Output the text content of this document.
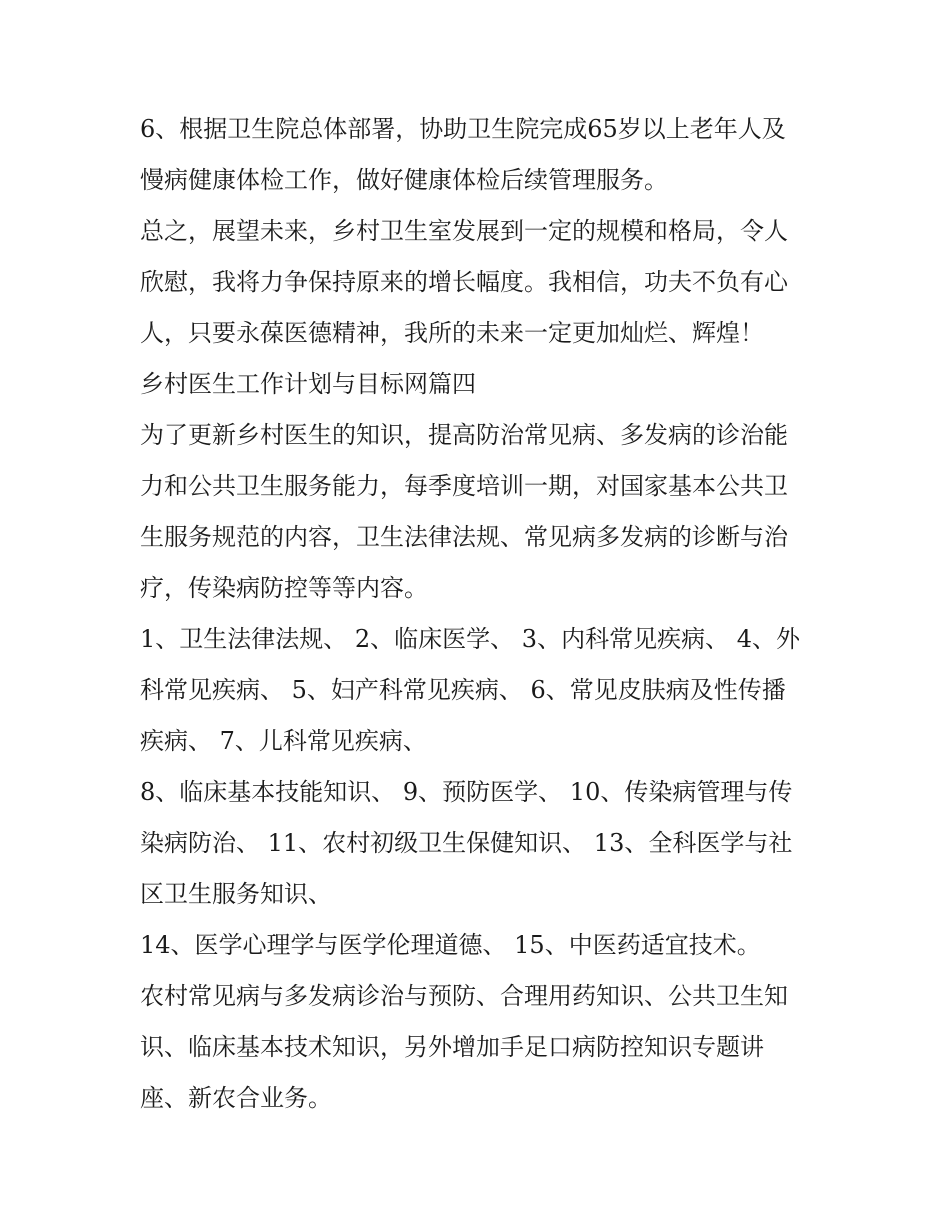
6、根据卫生院总体部署，协助卫生院完成65岁以上老年人及
慢病健康体检工作，做好健康体检后续管理服务。

总之，展望未来，乡村卫生室发展到一定的规模和格局，令人
欣慰，我将力争保持原来的增长幅度。我相信，功夫不负有心
人，只要永葆医德精神，我所的未来一定更加灿烂、辉煌！

乡村医生工作计划与目标网篇四

为了更新乡村医生的知识，提高防治常见病、多发病的诊治能
力和公共卫生服务能力，每季度培训一期，对国家基本公共卫
生服务规范的内容，卫生法律法规、常见病多发病的诊断与治
疗，传染病防控等等内容。

1、卫生法律法规、 2、临床医学、 3、内科常见疾病、 4、外
科常见疾病、 5、妇产科常见疾病、 6、常见皮肤病及性传播
疾病、 7、儿科常见疾病、

8、临床基本技能知识、 9、预防医学、 10、传染病管理与传
染病防治、 11、农村初级卫生保健知识、 13、全科医学与社
区卫生服务知识、

14、医学心理学与医学伦理道德、 15、中医药适宜技术。

农村常见病与多发病诊治与预防、合理用药知识、公共卫生知
识、临床基本技术知识，另外增加手足口病防控知识专题讲
座、新农合业务。
